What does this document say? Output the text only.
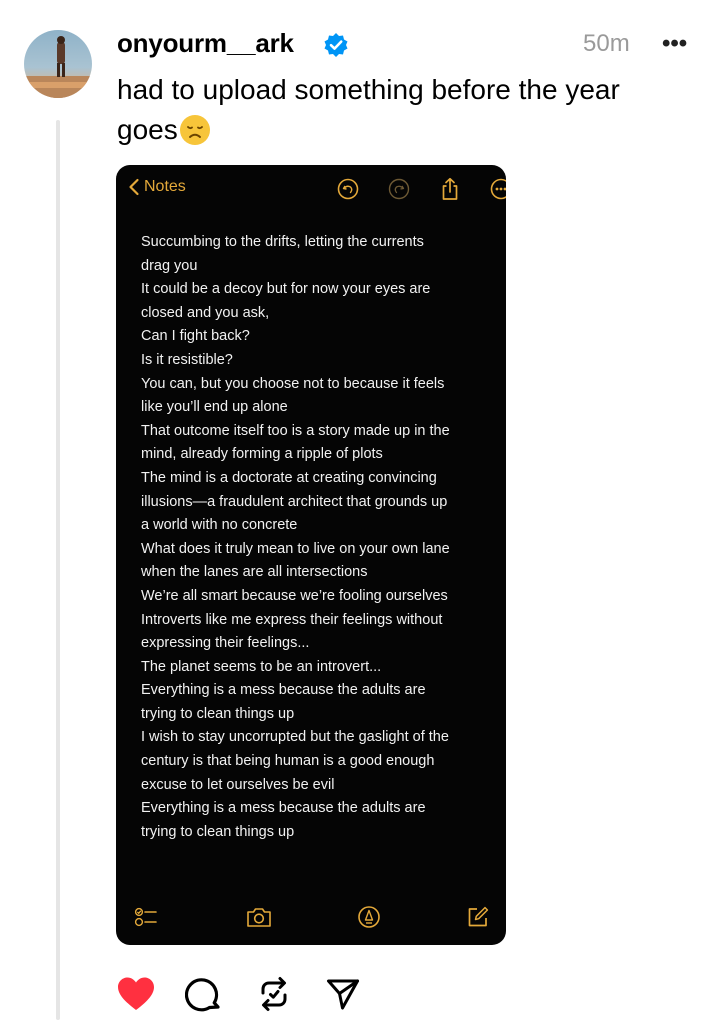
onyourm__ark	50m •••
had to upload something before the year goes
Notes
Succumbing to the drifts, letting the currents
drag you
It could be a decoy but for now your eyes are
closed and you ask,
Can I fight back?
Is it resistible?
You can, but you choose not to because it feels
like you’ll end up alone
That outcome itself too is a story made up in the
mind, already forming a ripple of plots
The mind is a doctorate at creating convincing
illusions—a fraudulent architect that grounds up
a world with no concrete
What does it truly mean to live on your own lane
when the lanes are all intersections
We’re all smart because we’re fooling ourselves
Introverts like me express their feelings without
expressing their feelings...
The planet seems to be an introvert...
Everything is a mess because the adults are
trying to clean things up
I wish to stay uncorrupted but the gaslight of the
century is that being human is a good enough
excuse to let ourselves be evil
Everything is a mess because the adults are
trying to clean things up
